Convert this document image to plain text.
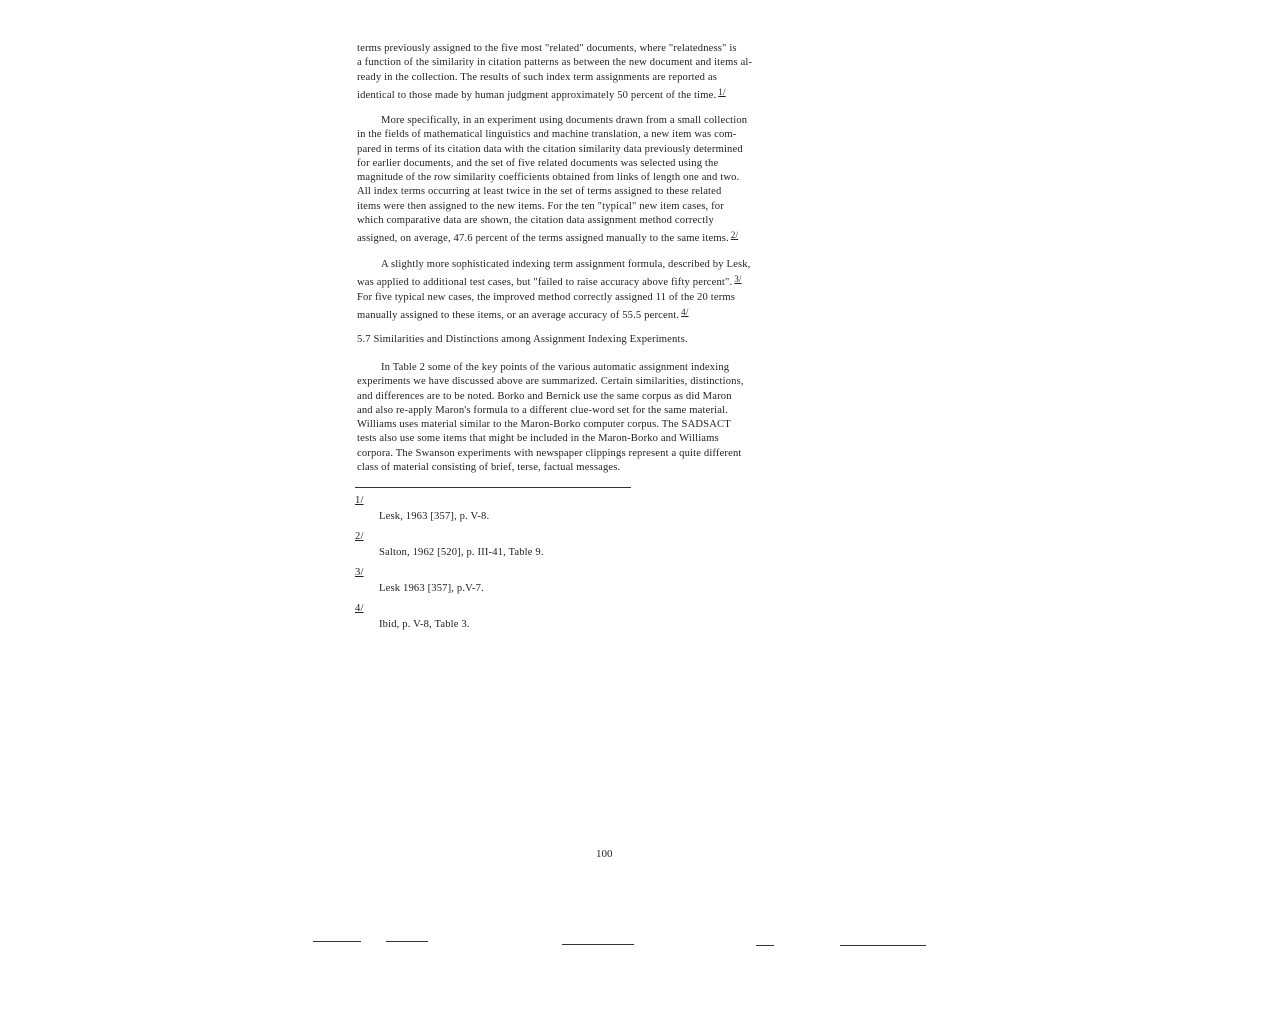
terms previously assigned to the five most "related" documents, where "relatedness" is
a function of the similarity in citation patterns as between the new document and items al-
ready in the collection. The results of such index term assignments are reported as
identical to those made by human judgment approximately 50 percent of the time. $^{1/}$
More specifically, in an experiment using documents drawn from a small collection
in the fields of mathematical linguistics and machine translation, a new item was com-
pared in terms of its citation data with the citation similarity data previously determined
for earlier documents, and the set of five related documents was selected using the
magnitude of the row similarity coefficients obtained from links of length one and two.
All index terms occurring at least twice in the set of terms assigned to these related
items were then assigned to the new items. For the ten "typical" new item cases, for
which comparative data are shown, the citation data assignment method correctly
assigned, on average, 47.6 percent of the terms assigned manually to the same items. $^{2/}$
A slightly more sophisticated indexing term assignment formula, described by Lesk,
was applied to additional test cases, but "failed to raise accuracy above fifty percent". $^{3/}$
For five typical new cases, the improved method correctly assigned 11 of the 20 terms
manually assigned to these items, or an average accuracy of 55.5 percent. $^{4/}$
5.7 Similarities and Distinctions among Assignment Indexing Experiments.
In Table 2 some of the key points of the various automatic assignment indexing
experiments we have discussed above are summarized. Certain similarities, distinctions,
and differences are to be noted. Borko and Bernick use the same corpus as did Maron
and also re-apply Maron's formula to a different clue-word set for the same material.
Williams uses material similar to the Maron-Borko computer corpus. The SADSACT
tests also use some items that might be included in the Maron-Borko and Williams
corpora. The Swanson experiments with newspaper clippings represent a quite different
class of material consisting of brief, terse, factual messages.
1/
Lesk, 1963 [357], p. V-8.
2/
Salton, 1962 [520], p. III-41, Table 9.
3/
Lesk 1963 [357], p.V-7.
4/
Ibid, p. V-8, Table 3.
100
